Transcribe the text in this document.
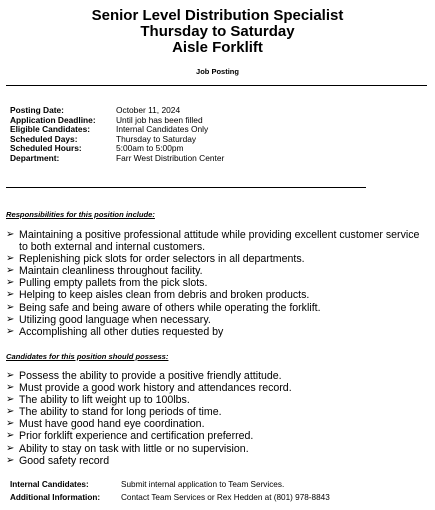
Senior Level Distribution Specialist
Thursday to Saturday
Aisle Forklift
Job Posting
Posting Date:	October 11, 2024
Application Deadline:	Until job has been filled
Eligible Candidates:	Internal Candidates Only
Scheduled Days:	Thursday to Saturday
Scheduled Hours:	5:00am to 5:00pm
Department:	Farr West Distribution Center
Responsibilities for this position include:
➢ Maintaining a positive professional attitude while providing excellent customer service to both external and internal customers.
➢ Replenishing pick slots for order selectors in all departments.
➢ Maintain cleanliness throughout facility.
➢ Pulling empty pallets from the pick slots.
➢ Helping to keep aisles clean from debris and broken products.
➢ Being safe and being aware of others while operating the forklift.
➢ Utilizing good language when necessary.
➢ Accomplishing all other duties requested by
Candidates for this position should possess:
➢ Possess the ability to provide a positive friendly attitude.
➢ Must provide a good work history and attendances record.
➢ The ability to lift weight up to 100lbs.
➢ The ability to stand for long periods of time.
➢ Must have good hand eye coordination.
➢ Prior forklift experience and certification preferred.
➢ Ability to stay on task with little or no supervision.
➢ Good safety record
Internal Candidates:	Submit internal application to Team Services.
Additional Information:	Contact Team Services or Rex Hedden at (801) 978-8843
